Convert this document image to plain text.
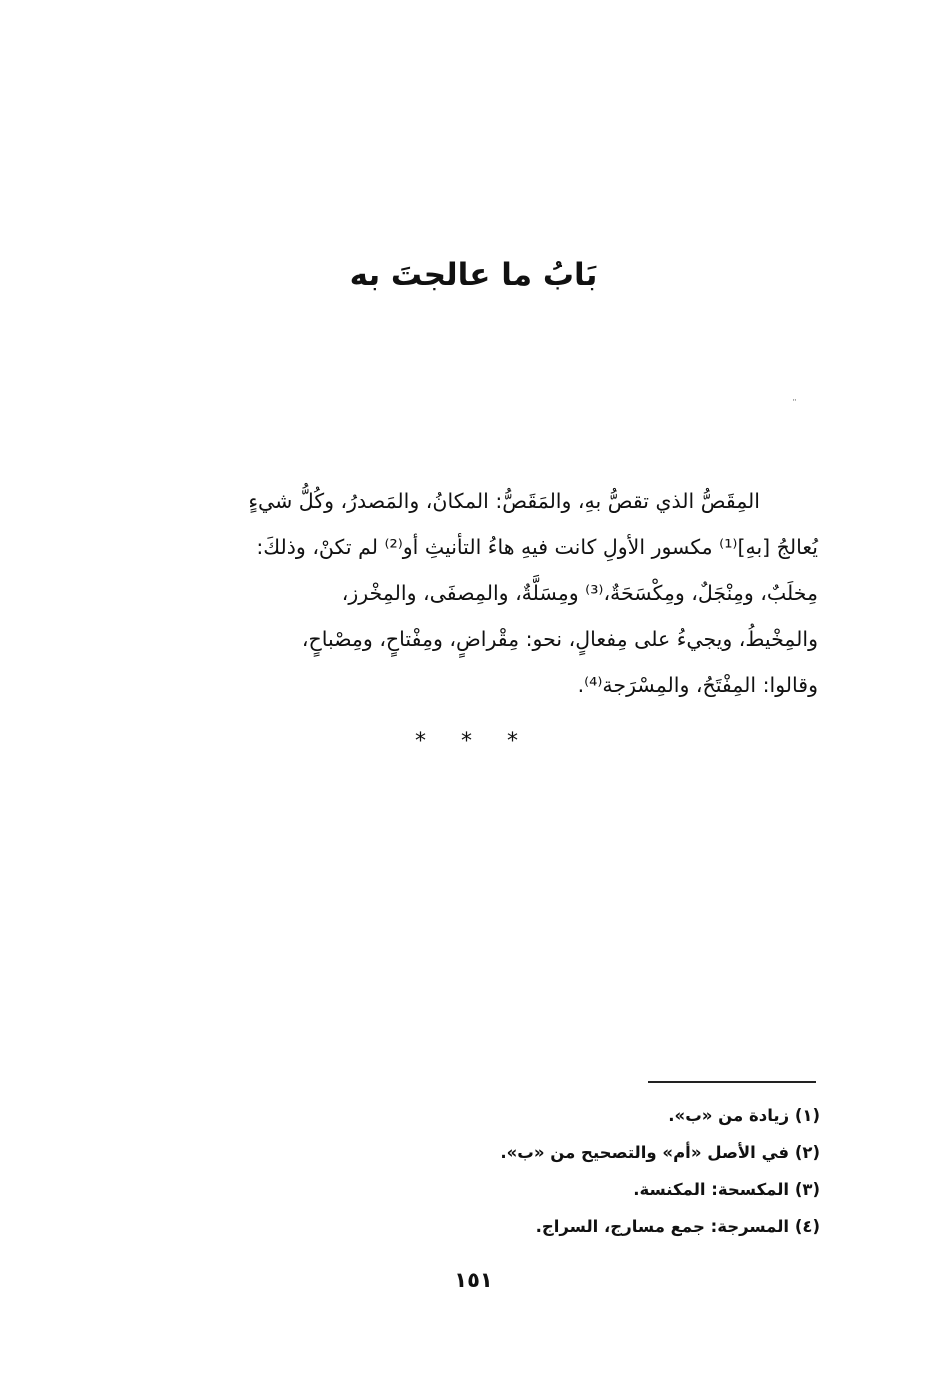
بَابُ ما عالجتَ به
¨
المِقَصُّ الذي تقصُّ بهِ، والمَقَصُّ: المكانُ، والمَصدرُ، وكُلُّ شيءٍ
يُعالجُ [بهِ]⁽¹⁾ مكسور الأولِ كانت فيهِ هاءُ التأنيثِ أو⁽²⁾ لم تكنْ، وذلكَ:
مِخلَبٌ، ومِنْجَلٌ، ومِكْسَحَةٌ،⁽³⁾ ومِسَلَّةٌ، والمِصفَى، والمِخْرز،
والمِخْيطُ، ويجيءُ على مِفعالٍ، نحو: مِقْراضٍ، ومِفْتاحٍ، ومِصْباحٍ،
وقالوا: المِفْتَحُ، والمِسْرَجة⁽⁴⁾.
* * *
(١) زيادة من «ب».
(٢) في الأصل «أم» والتصحيح من «ب».
(٣) المكسحة: المكنسة.
(٤) المسرجة: جمع مسارج، السراج.
١٥١
